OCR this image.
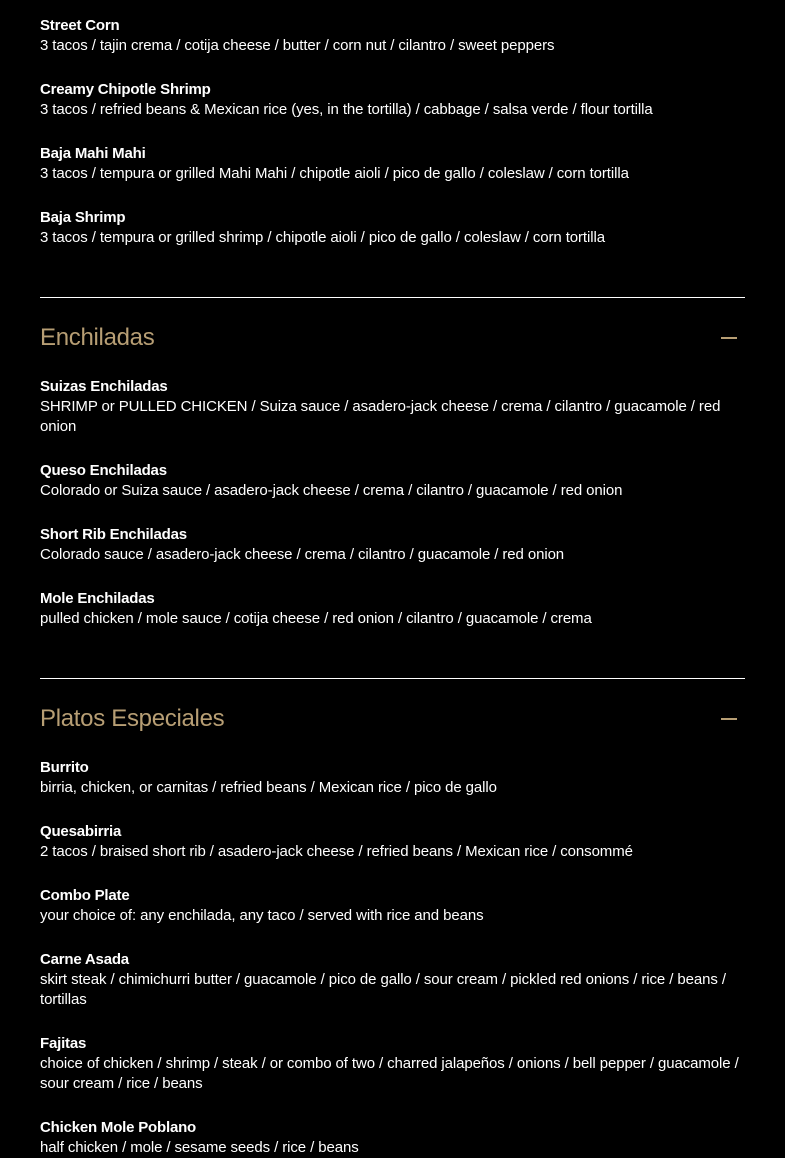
Street Corn
3 tacos / tajin crema / cotija cheese / butter / corn nut / cilantro / sweet peppers
Creamy Chipotle Shrimp
3 tacos / refried beans & Mexican rice (yes, in the tortilla) / cabbage / salsa verde / flour tortilla
Baja Mahi Mahi
3 tacos / tempura or grilled Mahi Mahi / chipotle aioli / pico de gallo / coleslaw / corn tortilla
Baja Shrimp
3 tacos / tempura or grilled shrimp / chipotle aioli / pico de gallo / coleslaw / corn tortilla
Enchiladas
Suizas Enchiladas
SHRIMP or PULLED CHICKEN / Suiza sauce / asadero-jack cheese / crema / cilantro / guacamole / red onion
Queso Enchiladas
Colorado or Suiza sauce / asadero-jack cheese / crema / cilantro / guacamole / red onion
Short Rib Enchiladas
Colorado sauce / asadero-jack cheese / crema / cilantro / guacamole / red onion
Mole Enchiladas
pulled chicken / mole sauce / cotija cheese / red onion / cilantro / guacamole / crema
Platos Especiales
Burrito
birria, chicken, or carnitas / refried beans / Mexican rice / pico de gallo
Quesabirria
2 tacos / braised short rib / asadero-jack cheese / refried beans / Mexican rice / consommé
Combo Plate
your choice of: any enchilada, any taco / served with rice and beans
Carne Asada
skirt steak / chimichurri butter / guacamole / pico de gallo / sour cream / pickled red onions / rice / beans / tortillas
Fajitas
choice of chicken / shrimp / steak / or combo of two / charred jalapeños / onions / bell pepper / guacamole / sour cream / rice / beans
Chicken Mole Poblano
half chicken / mole / sesame seeds / rice / beans
